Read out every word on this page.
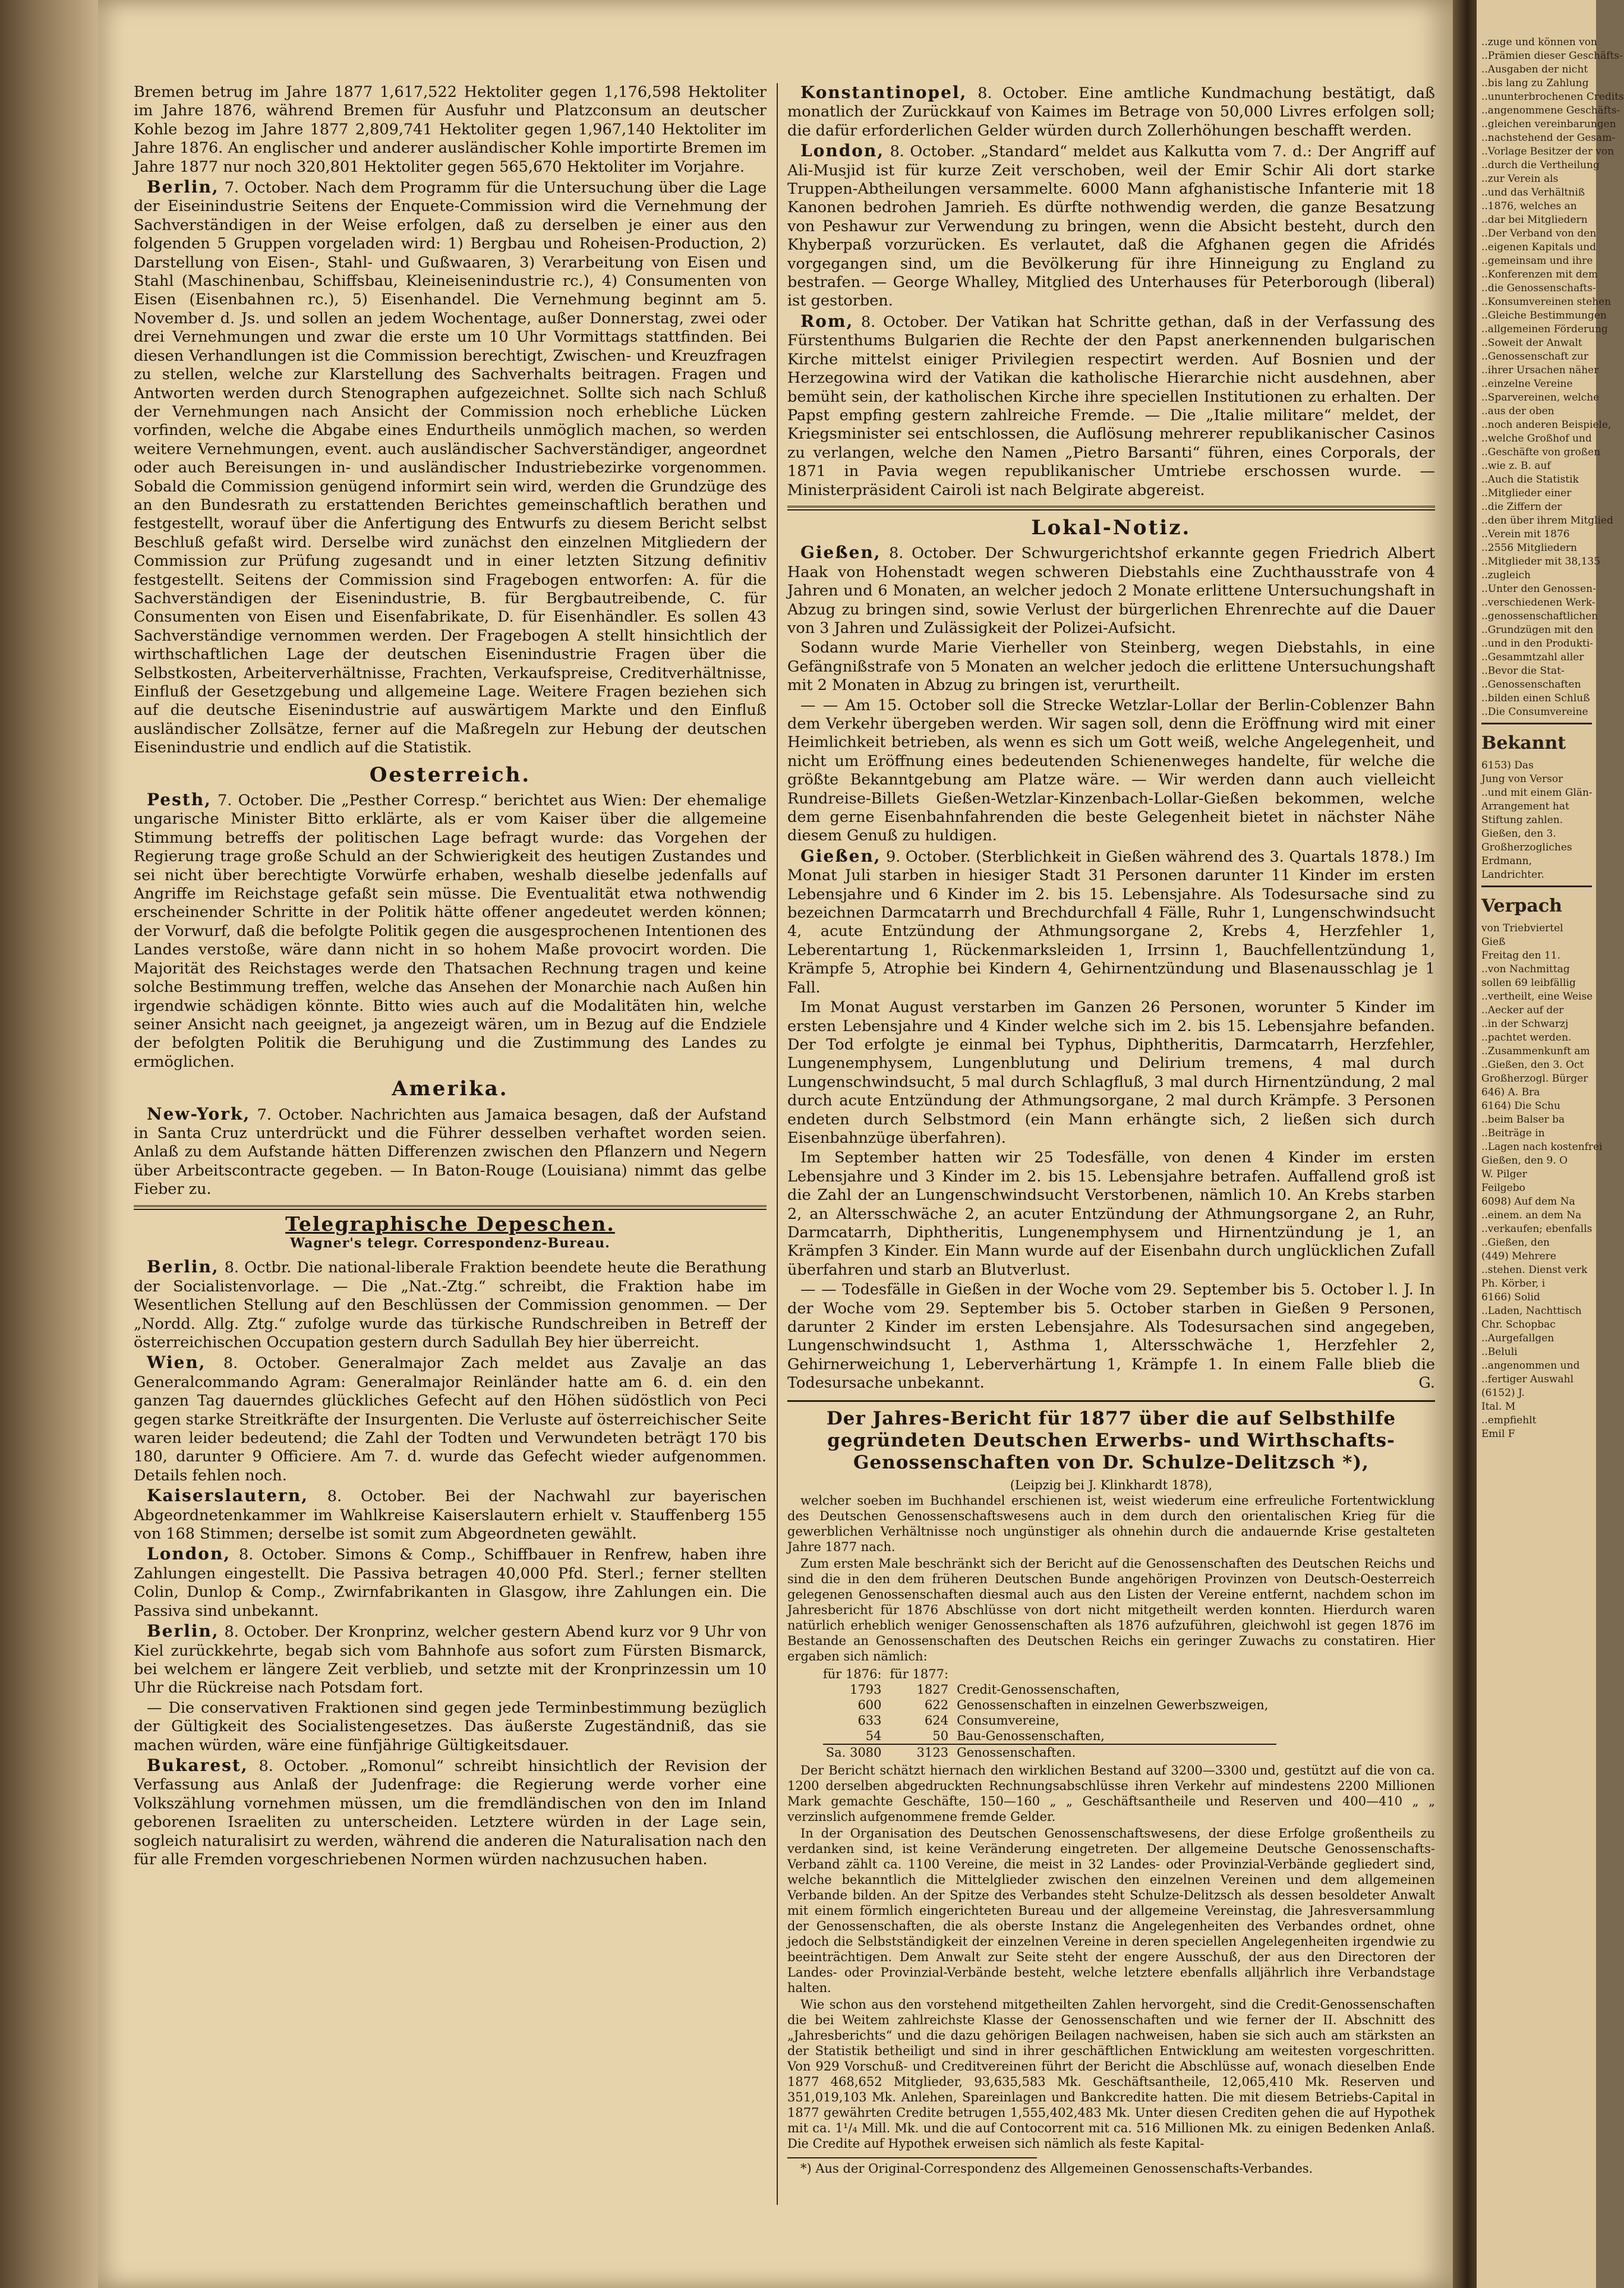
Bremen betrug im Jahre 1877 1,617,522 Hektoliter gegen 1,176,598 Hektoliter im Jahre 1876, während Bremen für Ausfuhr und Platzconsum an deutscher Kohle bezog im Jahre 1877 2,809,741 Hektoliter gegen 1,967,140 Hektoliter im Jahre 1876. An englischer und anderer ausländischer Kohle importirte Bremen im Jahre 1877 nur noch 320,801 Hektoliter gegen 565,670 Hektoliter im Vorjahre.

Berlin, 7. October. Nach dem Programm für die Untersuchung über die Lage der Eiseinindustrie Seitens der Enquete-Commission wird die Vernehmung der Sachverständigen in der Weise erfolgen, daß zu derselben je einer aus den folgenden 5 Gruppen vorgeladen wird: 1) Bergbau und Roheisen-Production, 2) Darstellung von Eisen-, Stahl- und Gußwaaren, 3) Verarbeitung von Eisen und Stahl (Maschinenbau, Schiffsbau, Kleineisenindustrie rc.), 4) Consumenten von Eisen (Eisenbahnen rc.), 5) Eisenhandel. Die Vernehmung beginnt am 5. November d. Js. und sollen an jedem Wochentage, außer Donnerstag, zwei oder drei Vernehmungen und zwar die erste um 10 Uhr Vormittags stattfinden. Bei diesen Verhandlungen ist die Commission berechtigt, Zwischen- und Kreuzfragen zu stellen, welche zur Klarstellung des Sachverhalts beitragen. Fragen und Antworten werden durch Stenographen aufgezeichnet. Sollte sich nach Schluß der Vernehmungen nach Ansicht der Commission noch erhebliche Lücken vorfinden, welche die Abgabe eines Endurtheils unmöglich machen, so werden weitere Vernehmungen, event. auch ausländischer Sachverständiger, angeordnet oder auch Bereisungen in- und ausländischer Industriebezirke vorgenommen. Sobald die Commission genügend informirt sein wird, werden die Grundzüge des an den Bundesrath zu erstattenden Berichtes gemeinschaftlich berathen und festgestellt, worauf über die Anfertigung des Entwurfs zu diesem Bericht selbst Beschluß gefaßt wird. Derselbe wird zunächst den einzelnen Mitgliedern der Commission zur Prüfung zugesandt und in einer letzten Sitzung definitiv festgestellt. Seitens der Commission sind Fragebogen entworfen: A. für die Sachverständigen der Eisenindustrie, B. für Bergbautreibende, C. für Consumenten von Eisen und Eisenfabrikate, D. für Eisenhändler. Es sollen 43 Sachverständige vernommen werden. Der Fragebogen A stellt hinsichtlich der wirthschaftlichen Lage der deutschen Eisenindustrie Fragen über die Selbstkosten, Arbeiterverhältnisse, Frachten, Verkaufspreise, Creditverhältnisse, Einfluß der Gesetzgebung und allgemeine Lage. Weitere Fragen beziehen sich auf die deutsche Eisenindustrie auf auswärtigem Markte und den Einfluß ausländischer Zollsätze, ferner auf die Maßregeln zur Hebung der deutschen Eisenindustrie und endlich auf die Statistik.

Oesterreich.

Pesth, 7. October. Die „Pesther Corresp.“ berichtet aus Wien: Der ehemalige ungarische Minister Bitto erklärte, als er vom Kaiser über die allgemeine Stimmung betreffs der politischen Lage befragt wurde: das Vorgehen der Regierung trage große Schuld an der Schwierigkeit des heutigen Zustandes und sei nicht über berechtigte Vorwürfe erhaben, weshalb dieselbe jedenfalls auf Angriffe im Reichstage gefaßt sein müsse. Die Eventualität etwa nothwendig erscheinender Schritte in der Politik hätte offener angedeutet werden können; der Vorwurf, daß die befolgte Politik gegen die ausgesprochenen Intentionen des Landes verstoße, wäre dann nicht in so hohem Maße provocirt worden. Die Majorität des Reichstages werde den Thatsachen Rechnung tragen und keine solche Bestimmung treffen, welche das Ansehen der Monarchie nach Außen hin irgendwie schädigen könnte. Bitto wies auch auf die Modalitäten hin, welche seiner Ansicht nach geeignet, ja angezeigt wären, um in Bezug auf die Endziele der befolgten Politik die Beruhigung und die Zustimmung des Landes zu ermöglichen.

Amerika.

New-York, 7. October. Nachrichten aus Jamaica besagen, daß der Aufstand in Santa Cruz unterdrückt und die Führer desselben verhaftet worden seien. Anlaß zu dem Aufstande hätten Differenzen zwischen den Pflanzern und Negern über Arbeitscontracte gegeben. — In Baton-Rouge (Louisiana) nimmt das gelbe Fieber zu.

Telegraphische Depeschen.
Wagner's telegr. Correspondenz-Bureau.

Berlin, 8. Octbr. Die national-liberale Fraktion beendete heute die Berathung der Socialistenvorlage. — Die „Nat.-Ztg.“ schreibt, die Fraktion habe im Wesentlichen Stellung auf den Beschlüssen der Commission genommen. — Der „Nordd. Allg. Ztg.“ zufolge wurde das türkische Rundschreiben in Betreff der österreichischen Occupation gestern durch Sadullah Bey hier überreicht.

Wien, 8. October. Generalmajor Zach meldet aus Zavalje an das Generalcommando Agram: Generalmajor Reinländer hatte am 6. d. ein den ganzen Tag dauerndes glückliches Gefecht auf den Höhen südöstlich von Peci gegen starke Streitkräfte der Insurgenten. Die Verluste auf österreichischer Seite waren leider bedeutend; die Zahl der Todten und Verwundeten beträgt 170 bis 180, darunter 9 Officiere. Am 7. d. wurde das Gefecht wieder aufgenommen. Details fehlen noch.

Kaiserslautern, 8. October. Bei der Nachwahl zur bayerischen Abgeordnetenkammer im Wahlkreise Kaiserslautern erhielt v. Stauffenberg 155 von 168 Stimmen; derselbe ist somit zum Abgeordneten gewählt.

London, 8. October. Simons & Comp., Schiffbauer in Renfrew, haben ihre Zahlungen eingestellt. Die Passiva betragen 40,000 Pfd. Sterl.; ferner stellten Colin, Dunlop & Comp., Zwirnfabrikanten in Glasgow, ihre Zahlungen ein. Die Passiva sind unbekannt.

Berlin, 8. October. Der Kronprinz, welcher gestern Abend kurz vor 9 Uhr von Kiel zurückkehrte, begab sich vom Bahnhofe aus sofort zum Fürsten Bismarck, bei welchem er längere Zeit verblieb, und setzte mit der Kronprinzessin um 10 Uhr die Rückreise nach Potsdam fort.

— Die conservativen Fraktionen sind gegen jede Terminbestimmung bezüglich der Gültigkeit des Socialistengesetzes. Das äußerste Zugeständniß, das sie machen würden, wäre eine fünfjährige Gültigkeitsdauer.

Bukarest, 8. October. „Romonul“ schreibt hinsichtlich der Revision der Verfassung aus Anlaß der Judenfrage: die Regierung werde vorher eine Volkszählung vornehmen müssen, um die fremdländischen von den im Inland geborenen Israeliten zu unterscheiden. Letztere würden in der Lage sein, sogleich naturalisirt zu werden, während die anderen die Naturalisation nach den für alle Fremden vorgeschriebenen Normen würden nachzusuchen haben.

Konstantinopel, 8. October. Eine amtliche Kundmachung bestätigt, daß monatlich der Zurückkauf von Kaimes im Betrage von 50,000 Livres erfolgen soll; die dafür erforderlichen Gelder würden durch Zollerhöhungen beschafft werden.

London, 8. October. „Standard“ meldet aus Kalkutta vom 7. d.: Der Angriff auf Ali-Musjid ist für kurze Zeit verschoben, weil der Emir Schir Ali dort starke Truppen-Abtheilungen versammelte. 6000 Mann afghanistische Infanterie mit 18 Kanonen bedrohen Jamrieh. Es dürfte nothwendig werden, die ganze Besatzung von Peshawur zur Verwendung zu bringen, wenn die Absicht besteht, durch den Khyberpaß vorzurücken. Es verlautet, daß die Afghanen gegen die Afridés vorgegangen sind, um die Bevölkerung für ihre Hinneigung zu England zu bestrafen. — George Whalley, Mitglied des Unterhauses für Peterborough (liberal) ist gestorben.

Rom, 8. October. Der Vatikan hat Schritte gethan, daß in der Verfassung des Fürstenthums Bulgarien die Rechte der den Papst anerkennenden bulgarischen Kirche mittelst einiger Privilegien respectirt werden. Auf Bosnien und der Herzegowina wird der Vatikan die katholische Hierarchie nicht ausdehnen, aber bemüht sein, der katholischen Kirche ihre speciellen Institutionen zu erhalten. Der Papst empfing gestern zahlreiche Fremde. — Die „Italie militare“ meldet, der Kriegsminister sei entschlossen, die Auflösung mehrerer republikanischer Casinos zu verlangen, welche den Namen „Pietro Barsanti“ führen, eines Corporals, der 1871 in Pavia wegen republikanischer Umtriebe erschossen wurde. — Ministerpräsident Cairoli ist nach Belgirate abgereist.

Lokal-Notiz.

Gießen, 8. October. Der Schwurgerichtshof erkannte gegen Friedrich Albert Haak von Hohenstadt wegen schweren Diebstahls eine Zuchthausstrafe von 4 Jahren und 6 Monaten, an welcher jedoch 2 Monate erlittene Untersuchungshaft in Abzug zu bringen sind, sowie Verlust der bürgerlichen Ehrenrechte auf die Dauer von 3 Jahren und Zulässigkeit der Polizei-Aufsicht.

Sodann wurde Marie Vierheller von Steinberg, wegen Diebstahls, in eine Gefängnißstrafe von 5 Monaten an welcher jedoch die erlittene Untersuchungshaft mit 2 Monaten in Abzug zu bringen ist, verurtheilt.

— — Am 15. October soll die Strecke Wetzlar-Lollar der Berlin-Coblenzer Bahn dem Verkehr übergeben werden. Wir sagen soll, denn die Eröffnung wird mit einer Heimlichkeit betrieben, als wenn es sich um Gott weiß, welche Angelegenheit, und nicht um Eröffnung eines bedeutenden Schienenweges handelte, für welche die größte Bekanntgebung am Platze wäre. — Wir werden dann auch vielleicht Rundreise-Billets Gießen-Wetzlar-Kinzenbach-Lollar-Gießen bekommen, welche dem gerne Eisenbahnfahrenden die beste Gelegenheit bietet in nächster Nähe diesem Genuß zu huldigen.

Gießen, 9. October. (Sterblichkeit in Gießen während des 3. Quartals 1878.) Im Monat Juli starben in hiesiger Stadt 31 Personen darunter 11 Kinder im ersten Lebensjahre und 6 Kinder im 2. bis 15. Lebensjahre. Als Todesursache sind zu bezeichnen Darmcatarrh und Brechdurchfall 4 Fälle, Ruhr 1, Lungenschwindsucht 4, acute Entzündung der Athmungsorgane 2, Krebs 4, Herzfehler 1, Leberentartung 1, Rückenmarksleiden 1, Irrsinn 1, Bauchfellentzündung 1, Krämpfe 5, Atrophie bei Kindern 4, Gehirnentzündung und Blasenausschlag je 1 Fall.

Im Monat August verstarben im Ganzen 26 Personen, worunter 5 Kinder im ersten Lebensjahre und 4 Kinder welche sich im 2. bis 15. Lebensjahre befanden. Der Tod erfolgte je einmal bei Typhus, Diphtheritis, Darmcatarrh, Herzfehler, Lungenemphysem, Lungenblutung und Delirium tremens, 4 mal durch Lungenschwindsucht, 5 mal durch Schlagfluß, 3 mal durch Hirnentzündung, 2 mal durch acute Entzündung der Athmungsorgane, 2 mal durch Krämpfe. 3 Personen endeten durch Selbstmord (ein Mann erhängte sich, 2 ließen sich durch Eisenbahnzüge überfahren).

Im September hatten wir 25 Todesfälle, von denen 4 Kinder im ersten Lebensjahre und 3 Kinder im 2. bis 15. Lebensjahre betrafen. Auffallend groß ist die Zahl der an Lungenschwindsucht Verstorbenen, nämlich 10. An Krebs starben 2, an Altersschwäche 2, an acuter Entzündung der Athmungsorgane 2, an Ruhr, Darmcatarrh, Diphtheritis, Lungenemphysem und Hirnentzündung je 1, an Krämpfen 3 Kinder. Ein Mann wurde auf der Eisenbahn durch unglücklichen Zufall überfahren und starb an Blutverlust.

— — Todesfälle in Gießen in der Woche vom 29. September bis 5. October l. J. In der Woche vom 29. September bis 5. October starben in Gießen 9 Personen, darunter 2 Kinder im ersten Lebensjahre. Als Todesursachen sind angegeben, Lungenschwindsucht 1, Asthma 1, Altersschwäche 1, Herzfehler 2, Gehirnerweichung 1, Leberverhärtung 1, Krämpfe 1. In einem Falle blieb die Todesursache unbekannt.	G.

Der Jahres-Bericht für 1877 über die auf Selbsthilfe gegründeten Deutschen Erwerbs- und Wirthschafts-Genossenschaften von Dr. Schulze-Delitzsch *),
(Leipzig bei J. Klinkhardt 1878),

welcher soeben im Buchhandel erschienen ist, weist wiederum eine erfreuliche Fortentwicklung des Deutschen Genossenschaftswesens auch in dem durch den orientalischen Krieg für die gewerblichen Verhältnisse noch ungünstiger als ohnehin durch die andauernde Krise gestalteten Jahre 1877 nach.

Zum ersten Male beschränkt sich der Bericht auf die Genossenschaften des Deutschen Reichs und sind die in den dem früheren Deutschen Bunde angehörigen Provinzen von Deutsch-Oesterreich gelegenen Genossenschaften diesmal auch aus den Listen der Vereine entfernt, nachdem schon im Jahresbericht für 1876 Abschlüsse von dort nicht mitgetheilt werden konnten. Hierdurch waren natürlich erheblich weniger Genossenschaften als 1876 aufzuführen, gleichwohl ist gegen 1876 im Bestande an Genossenschaften des Deutschen Reichs ein geringer Zuwachs zu constatiren. Hier ergaben sich nämlich:

für 1876:	für 1877:	
1793	1827	Credit-Genossenschaften,
600	622	Genossenschaften in einzelnen Gewerbszweigen,
633	624	Consumvereine,
54	50	Bau-Genossenschaften,
Sa. 3080	3123	Genossenschaften.

Der Bericht schätzt hiernach den wirklichen Bestand auf 3200—3300 und, gestützt auf die von ca. 1200 derselben abgedruckten Rechnungsabschlüsse ihren Verkehr auf mindestens 2200 Millionen Mark gemachte Geschäfte, 150—160 „ „ Geschäftsantheile und Reserven und 400—410 „ „ verzinslich aufgenommene fremde Gelder.

In der Organisation des Deutschen Genossenschaftswesens, der diese Erfolge großentheils zu verdanken sind, ist keine Veränderung eingetreten. Der allgemeine Deutsche Genossenschafts-Verband zählt ca. 1100 Vereine, die meist in 32 Landes- oder Provinzial-Verbände gegliedert sind, welche bekanntlich die Mittelglieder zwischen den einzelnen Vereinen und dem allgemeinen Verbande bilden. An der Spitze des Verbandes steht Schulze-Delitzsch als dessen besoldeter Anwalt mit einem förmlich eingerichteten Bureau und der allgemeine Vereinstag, die Jahresversammlung der Genossenschaften, die als oberste Instanz die Angelegenheiten des Verbandes ordnet, ohne jedoch die Selbstständigkeit der einzelnen Vereine in deren speciellen Angelegenheiten irgendwie zu beeinträchtigen. Dem Anwalt zur Seite steht der engere Ausschuß, der aus den Directoren der Landes- oder Provinzial-Verbände besteht, welche letztere ebenfalls alljährlich ihre Verbandstage halten.

Wie schon aus den vorstehend mitgetheilten Zahlen hervorgeht, sind die Credit-Genossenschaften die bei Weitem zahlreichste Klasse der Genossenschaften und wie ferner der II. Abschnitt des „Jahresberichts“ und die dazu gehörigen Beilagen nachweisen, haben sie sich auch am stärksten an der Statistik betheiligt und sind in ihrer geschäftlichen Entwicklung am weitesten vorgeschritten. Von 929 Vorschuß- und Creditvereinen führt der Bericht die Abschlüsse auf, wonach dieselben Ende 1877 468,652 Mitglieder, 93,635,583 Mk. Geschäftsantheile, 12,065,410 Mk. Reserven und 351,019,103 Mk. Anlehen, Spareinlagen und Bankcredite hatten. Die mit diesem Betriebs-Capital in 1877 gewährten Credite betrugen 1,555,402,483 Mk. Unter diesen Crediten gehen die auf Hypothek mit ca. 1¹/₄ Mill. Mk. und die auf Contocorrent mit ca. 516 Millionen Mk. zu einigen Bedenken Anlaß. Die Credite auf Hypothek erweisen sich nämlich als feste Kapital-

*) Aus der Original-Correspondenz des Allgemeinen Genossenschafts-Verbandes.

..zuge und können von
..Prämien dieser Geschäfts-
..Ausgaben der nicht
..bis lang zu Zahlung
..ununterbrochenen Credits
..angenommene Geschäfts-
..gleichen vereinbarungen
..nachstehend der Gesam-
..Vorlage Besitzer der von
..durch die Vertheilung
..zur Verein als
..und das Verhältniß
..1876, welches an
..dar bei Mitgliedern
..Der Verband von den
..eigenen Kapitals und
..gemeinsam und ihre
..Konferenzen mit dem
..die Genossenschafts-
..Konsumvereinen stehen
..Gleiche Bestimmungen
..allgemeinen Förderung
..Soweit der Anwalt
..Genossenschaft zur
..ihrer Ursachen näher
..einzelne Vereine
..Sparvereinen, welche
..aus der oben
..noch anderen Beispiele,
..welche Großhof und
..Geschäfte von großen
..wie z. B. auf
..Auch die Statistik
..Mitglieder einer
..die Ziffern der
..den über ihrem Mitglied
..Verein mit 1876
..2556 Mitgliedern
..Mitglieder mit 38,135
..zugleich
..Unter den Genossen-
..verschiedenen Werk-
..genossenschaftlichen
..Grundzügen mit den
..und in den Produkti-
..Gesammtzahl aller
..Bevor die Stat-
..Genossenschaften
..bilden einen Schluß
..Die Consumvereine
Bekannt
6153) Das
Jung von Versor
..und mit einem Glän-
Arrangement hat
Stiftung zahlen.
Gießen, den 3.
Großherzogliches
Erdmann,
Landrichter.
Verpach
von Triebviertel
Gieß
Freitag den 11.
..von Nachmittag
sollen 69 leibfällig
..vertheilt, eine Weise
..Aecker auf der
..in der Schwarzj
..pachtet werden.
..Zusammenkunft am
..Gießen, den 3. Oct
Großherzogl. Bürger
646) A. Bra
6164) Die Schu
..beim Balser ba
..Beiträge in
..Lagen nach kostenfrei
Gießen, den 9. O
W. Pilger
Feilgebo
6098) Auf dem Na
..einem. an dem Na
..verkaufen; ebenfalls
..Gießen, den
(449) Mehrere
..stehen. Dienst verk
Ph. Körber, i
6166) Solid
..Laden, Nachttisch
Chr. Schopbac
..Aurgefallgen
..Beluli
..angenommen und
..fertiger Auswahl
(6152) J.
Ital. M
..empfiehlt
Emil F
